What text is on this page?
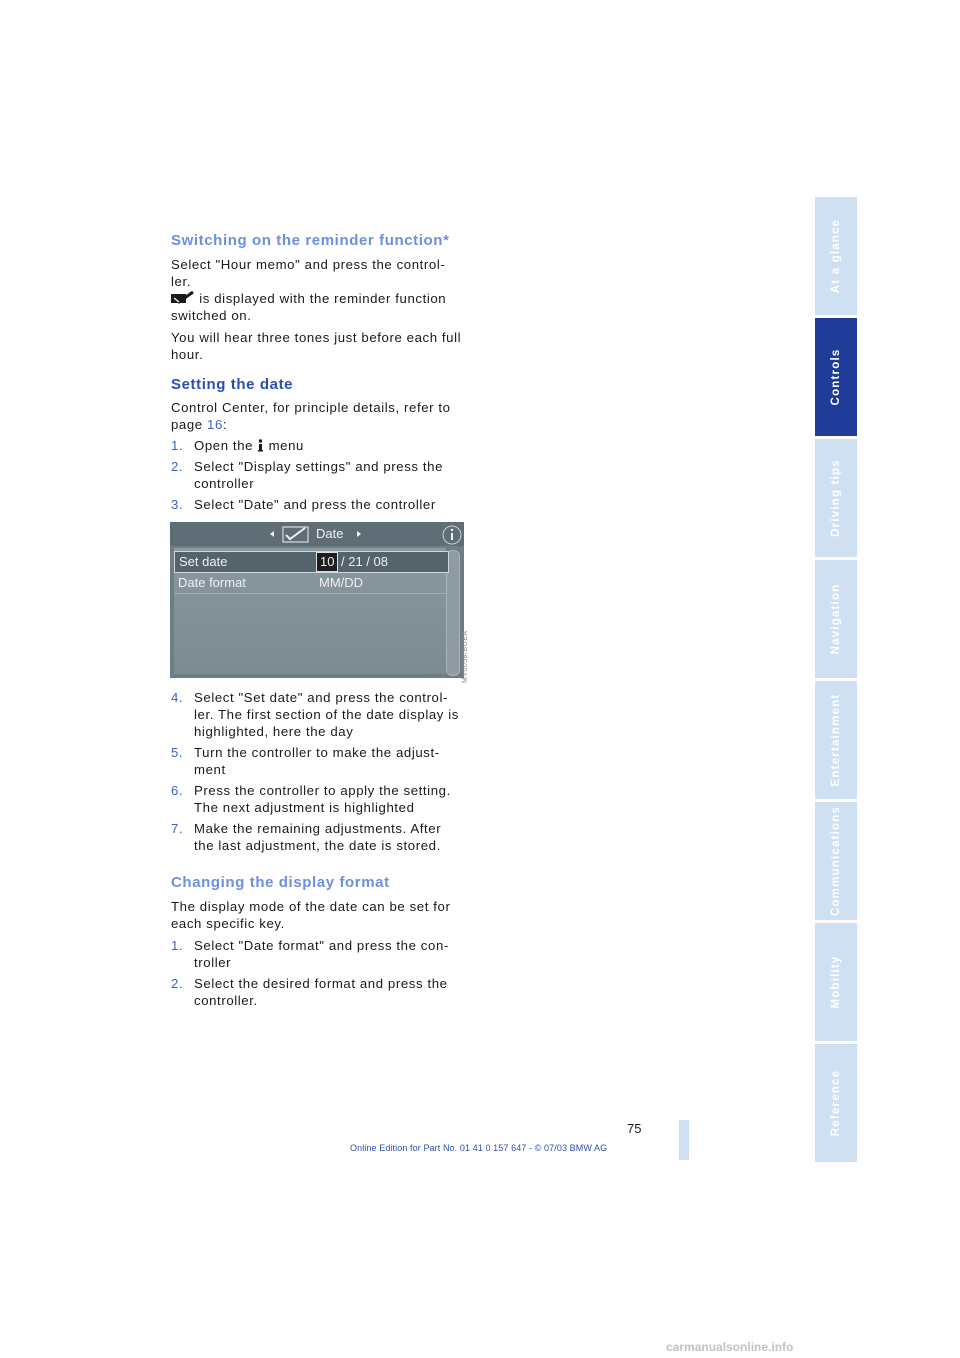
Switching on the reminder function*

Select "Hour memo" and press the control-ler.

is displayed with the reminder function switched on.

You will hear three tones just before each full hour.

Setting the date

Control Center, for principle details, refer to page 16:

1. Open the  menu
2. Select "Display settings" and press the controller
3. Select "Date" and press the controller
Date
Set date	10 / 21 / 08
Date format	MM/DD
MV0058/BUEA
4. Select "Set date" and press the control-ler. The first section of the date display is highlighted, here the day
5. Turn the controller to make the adjust-ment
6. Press the controller to apply the setting. The next adjustment is highlighted
7. Make the remaining adjustments. After the last adjustment, the date is stored.
Changing the display format

The display mode of the date can be set for each specific key.

1. Select "Date format" and press the con-troller
2. Select the desired format and press the controller.
At a glance
Controls
Driving tips
Navigation
Entertainment
Communications
Mobility
Reference
75
Online Edition for Part No. 01 41 0 157 647 - © 07/03 BMW AG
carmanualsonline.info
